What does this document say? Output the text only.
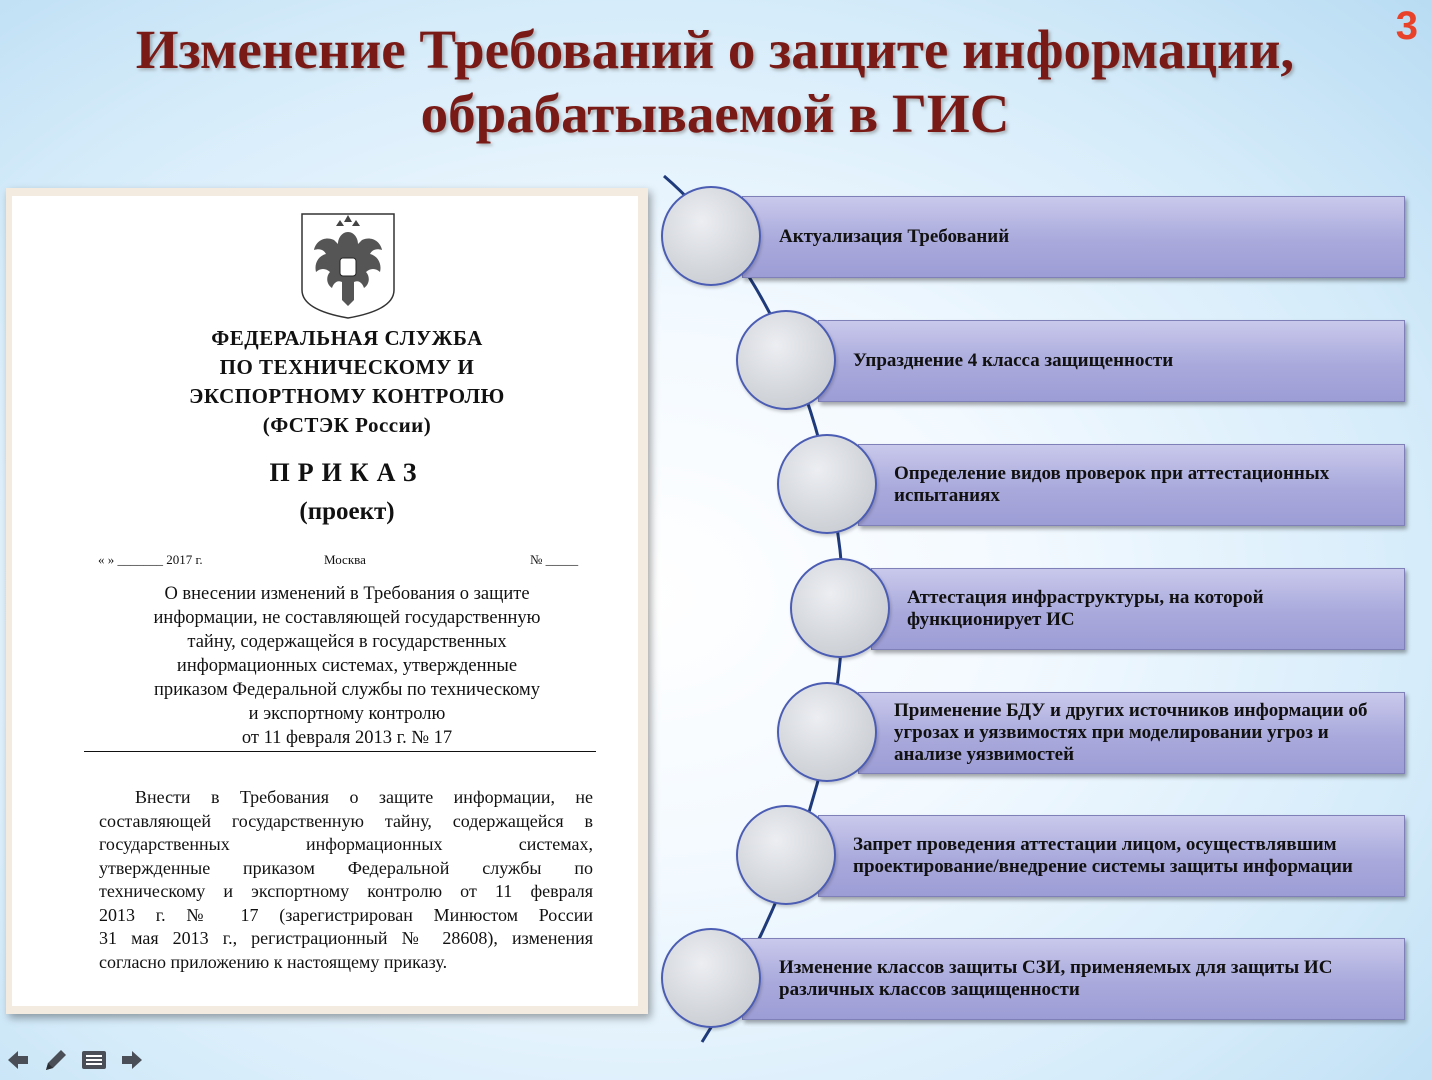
Изменение Требований о защите информации,
обрабатываемой в ГИС
3
ФЕДЕРАЛЬНАЯ СЛУЖБА
ПО ТЕХНИЧЕСКОМУ И
ЭКСПОРТНОМУ КОНТРОЛЮ
(ФСТЭК России)
ПРИКАЗ
(проект)
« » _______ 2017 г.	Москва	№ _____
О внесении изменений в Требования о защите
информации, не составляющей государственную
тайну, содержащейся в государственных
информационных системах, утвержденные
приказом Федеральной службы по техническому
и экспортному контролю
от 11 февраля 2013 г. № 17
Внести в Требования о защите информации, не
составляющей государственную тайну, содержащейся в
государственных информационных системах,
утвержденные приказом Федеральной службы по
техническому и экспортному контролю от 11 февраля
2013 г. № 17 (зарегистрирован Минюстом России
31 мая 2013 г., регистрационный № 28608), изменения
согласно приложению к настоящему приказу.
Актуализация Требований
Упразднение 4 класса защищенности
Определение видов проверок при аттестационных испытаниях
Аттестация инфраструктуры, на которой функционирует ИС
Применение БДУ и других источников информации об угрозах и уязвимостях при моделировании угроз и анализе уязвимостей
Запрет проведения аттестации лицом, осуществлявшим проектирование/внедрение системы защиты информации
Изменение классов защиты СЗИ, применяемых для защиты ИС различных классов защищенности
